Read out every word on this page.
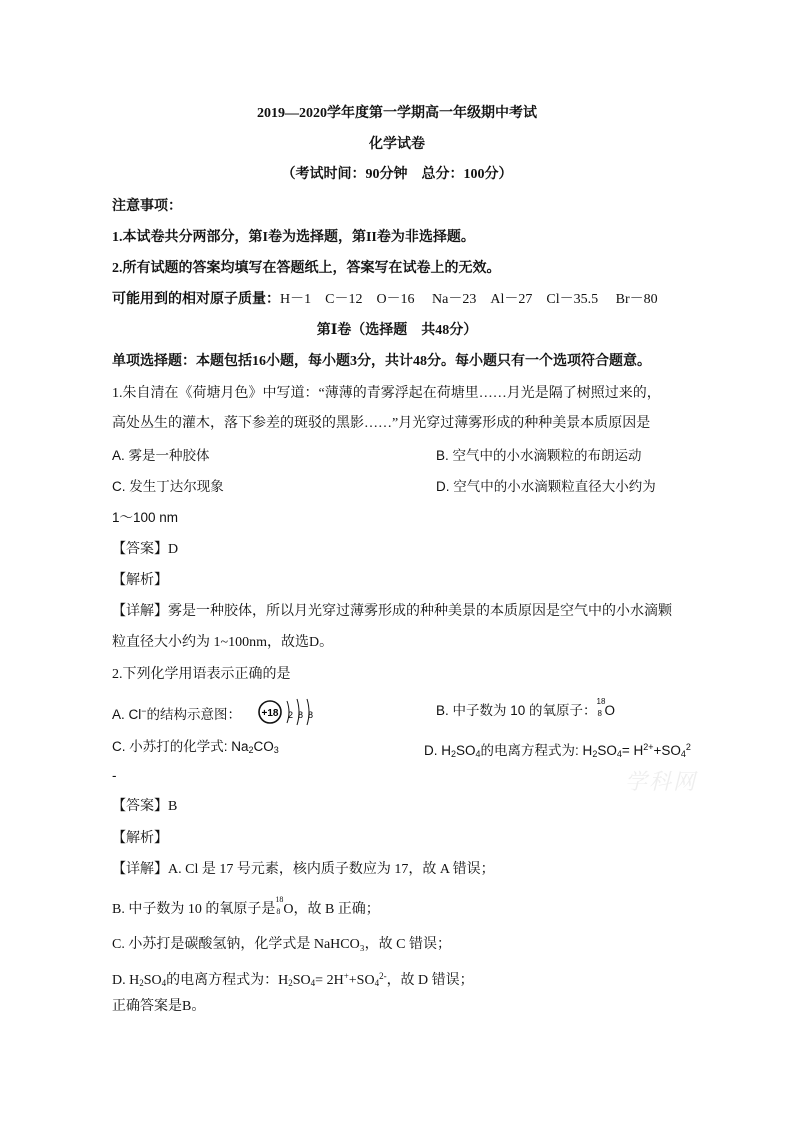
2019—2020学年度第一学期高一年级期中考试
化学试卷
（考试时间：90分钟　总分：100分）
注意事项：
1.本试卷共分两部分，第I卷为选择题，第II卷为非选择题。
2.所有试题的答案均填写在答题纸上，答案写在试卷上的无效。
可能用到的相对原子质量：H－1　C－12　O－16　 Na－23　Al－27　Cl－35.5　 Br－80
第Ⅰ卷（选择题　共48分）
单项选择题：本题包括16小题，每小题3分，共计48分。每小题只有一个选项符合题意。
1.朱自清在《荷塘月色》中写道：“薄薄的青雾浮起在荷塘里……月光是隔了树照过来的，
高处丛生的灌木，落下参差的斑驳的黑影……”月光穿过薄雾形成的种种美景本质原因是
A. 雾是一种胶体	B. 空气中的小水滴颗粒的布朗运动
C. 发生丁达尔现象	D. 空气中的小水滴颗粒直径大小约为
1～100 nm
【答案】D
【解析】
【详解】雾是一种胶体，所以月光穿过薄雾形成的种种美景的本质原因是空气中的小水滴颗
粒直径大小约为 1~100nm，故选D。
2.下列化学用语表示正确的是
A. Cl−的结构示意图： +18 2 8 8	B. 中子数为 10 的氧原子：
18
8 O
C. 小苏打的化学式: $Na_2CO_3$	D. $H_2SO_4$的电离方程式为: $H_2SO_4= H^{2+}+SO_4^2$
-	学科网
【答案】B
【解析】
【详解】A. Cl 是 17 号元素，核内质子数应为 17，故 A 错误；
B. 中子数为 10 的氧原子是
18
8 O，故 B 正确；
C. 小苏打是碳酸氢钠，化学式是 NaHCO₃，故 C 错误；
D. $H_2SO_4$的电离方程式为：$H_2SO_4= 2H^++SO_4^{2-}$，故 D 错误；
正确答案是B。
